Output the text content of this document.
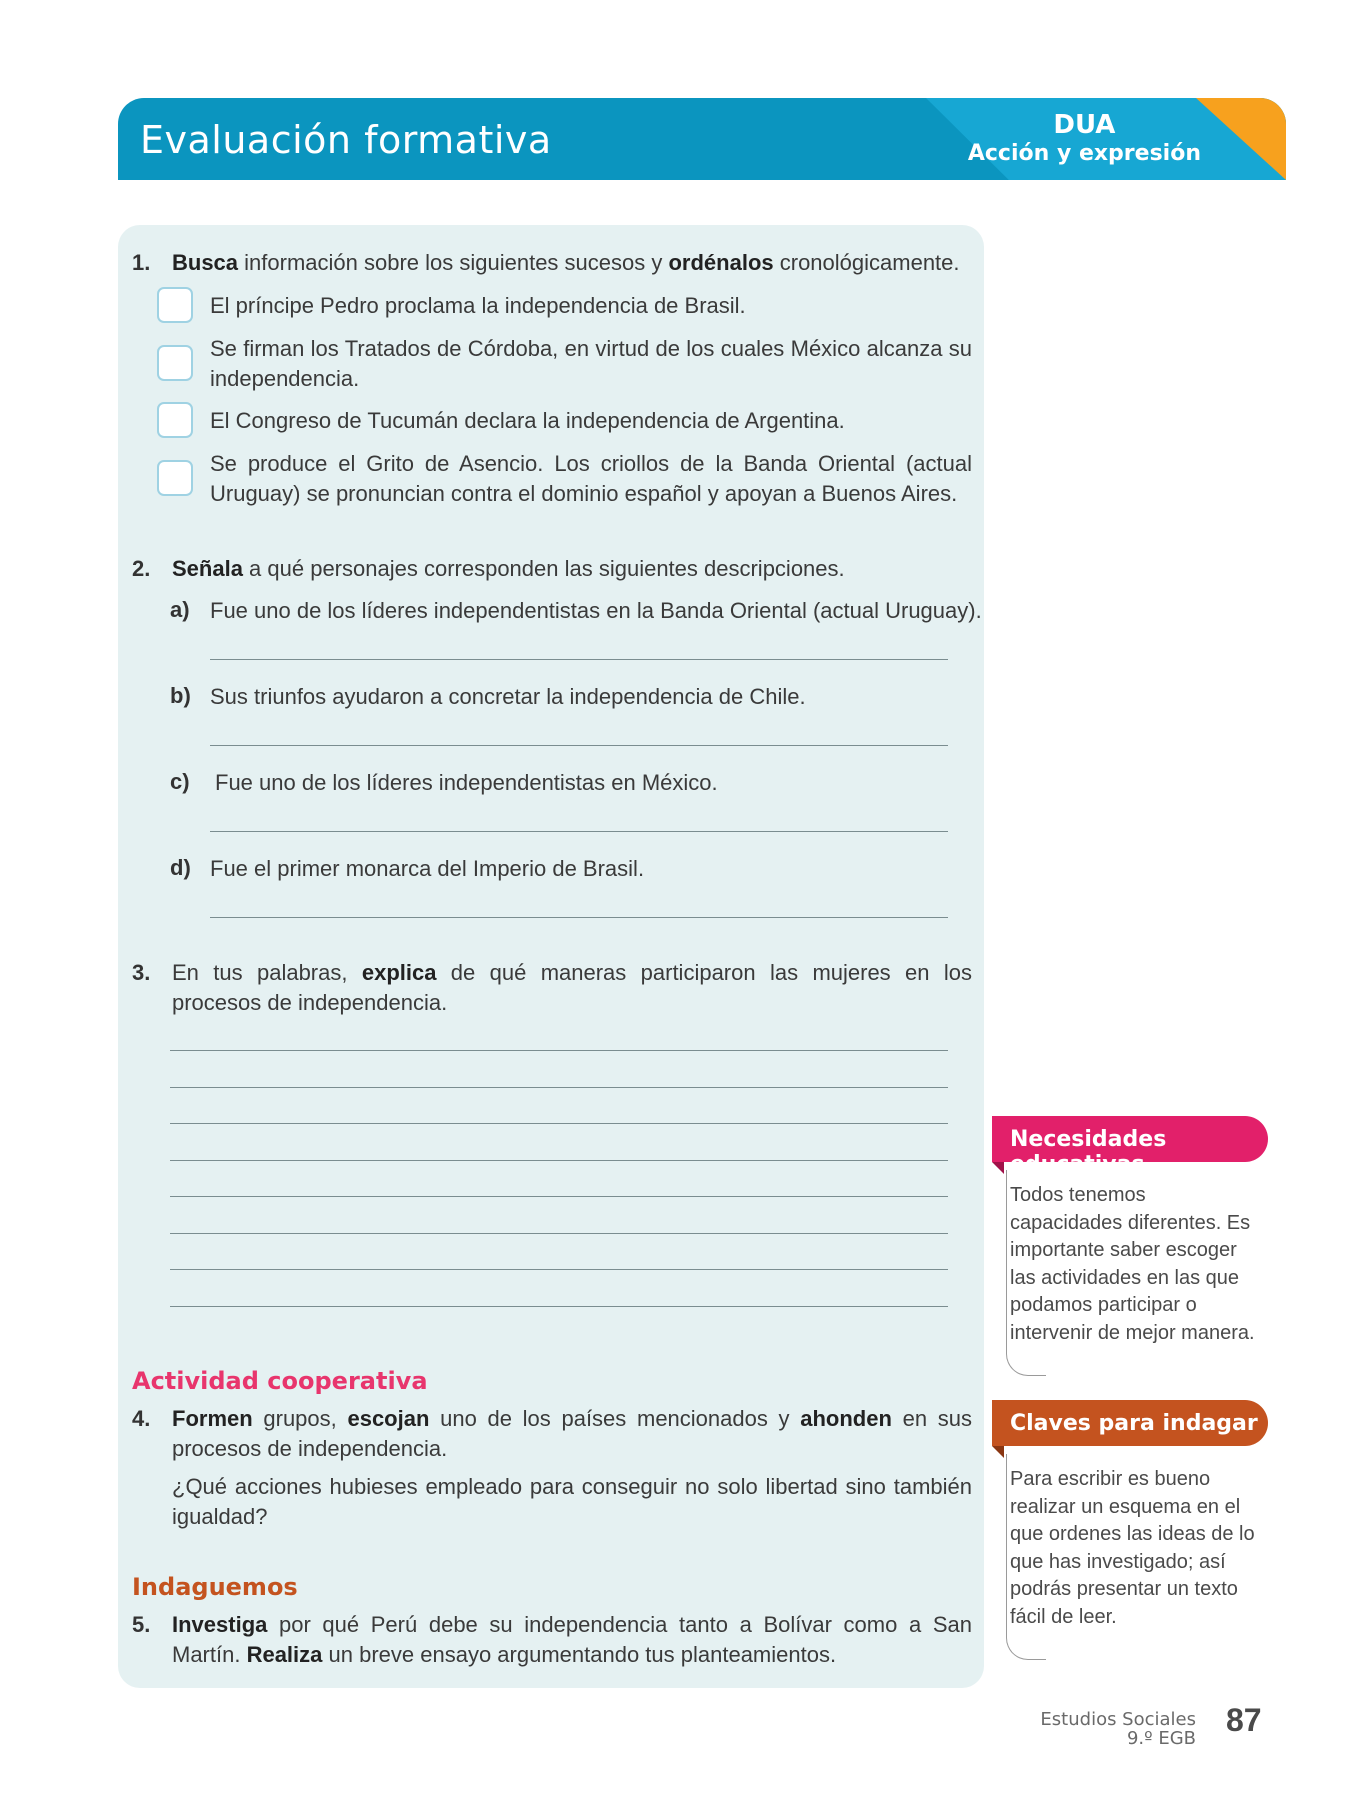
Evaluación formativa	DUA
Acción y expresión
1. Busca información sobre los siguientes sucesos y ordénalos cronológicamente.
El príncipe Pedro proclama la independencia de Brasil.
Se firman los Tratados de Córdoba, en virtud de los cuales México alcanza su independencia.
El Congreso de Tucumán declara la independencia de Argentina.
Se produce el Grito de Asencio. Los criollos de la Banda Oriental (actual Uruguay) se pronuncian contra el dominio español y apoyan a Buenos Aires.
2. Señala a qué personajes corresponden las siguientes descripciones.
a) Fue uno de los líderes independentistas en la Banda Oriental (actual Uruguay).
b) Sus triunfos ayudaron a concretar la independencia de Chile.
c) Fue uno de los líderes independentistas en México.
d) Fue el primer monarca del Imperio de Brasil.
3. En tus palabras, explica de qué maneras participaron las mujeres en los procesos de independencia.
Actividad cooperativa
4. Formen grupos, escojan uno de los países mencionados y ahonden en sus procesos de independencia.
¿Qué acciones hubieses empleado para conseguir no solo libertad sino también igualdad?
Indaguemos
5. Investiga por qué Perú debe su independencia tanto a Bolívar como a San Martín. Realiza un breve ensayo argumentando tus planteamientos.
Necesidades educativas
Todos tenemos capacidades diferentes. Es importante saber escoger las actividades en las que podamos participar o intervenir de mejor manera.
Claves para indagar
Para escribir es bueno realizar un esquema en el que ordenes las ideas de lo que has investigado; así podrás presentar un texto fácil de leer.
Estudios Sociales
9.º EGB
87
